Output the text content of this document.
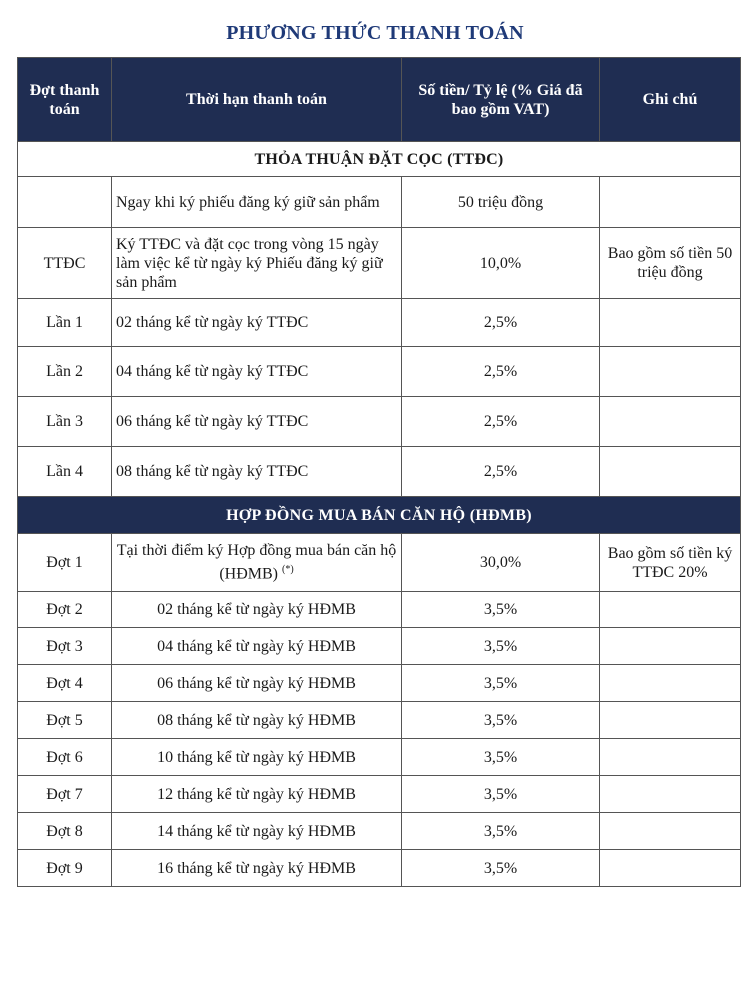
PHƯƠNG THỨC THANH TOÁN
Đợt thanh toán	Thời hạn thanh toán	Số tiền/ Tỷ lệ (% Giá đã bao gồm VAT)	Ghi chú
THỎA THUẬN ĐẶT CỌC (TTĐC)			
	Ngay khi ký phiếu đăng ký giữ sản phẩm	50 triệu đồng	
TTĐC	Ký TTĐC và đặt cọc trong vòng 15 ngày làm việc kể từ ngày ký Phiếu đăng ký giữ sản phẩm	10,0%	Bao gồm số tiền 50 triệu đồng
Lần 1	02 tháng kể từ ngày ký TTĐC	2,5%	
Lần 2	04 tháng kể từ ngày ký TTĐC	2,5%	
Lần 3	06 tháng kể từ ngày ký TTĐC	2,5%	
Lần 4	08 tháng kể từ ngày ký TTĐC	2,5%	
HỢP ĐỒNG MUA BÁN CĂN HỘ (HĐMB)			
Đợt 1	Tại thời điểm ký Hợp đồng mua bán căn hộ (HĐMB) (*)	30,0%	Bao gồm số tiền ký TTĐC 20%
Đợt 2	02 tháng kể từ ngày ký HĐMB	3,5%	
Đợt 3	04 tháng kể từ ngày ký HĐMB	3,5%	
Đợt 4	06 tháng kể từ ngày ký HĐMB	3,5%	
Đợt 5	08 tháng kể từ ngày ký HĐMB	3,5%	
Đợt 6	10 tháng kể từ ngày ký HĐMB	3,5%	
Đợt 7	12 tháng kể từ ngày ký HĐMB	3,5%	
Đợt 8	14 tháng kể từ ngày ký HĐMB	3,5%	
Đợt 9	16 tháng kể từ ngày ký HĐMB	3,5%	
